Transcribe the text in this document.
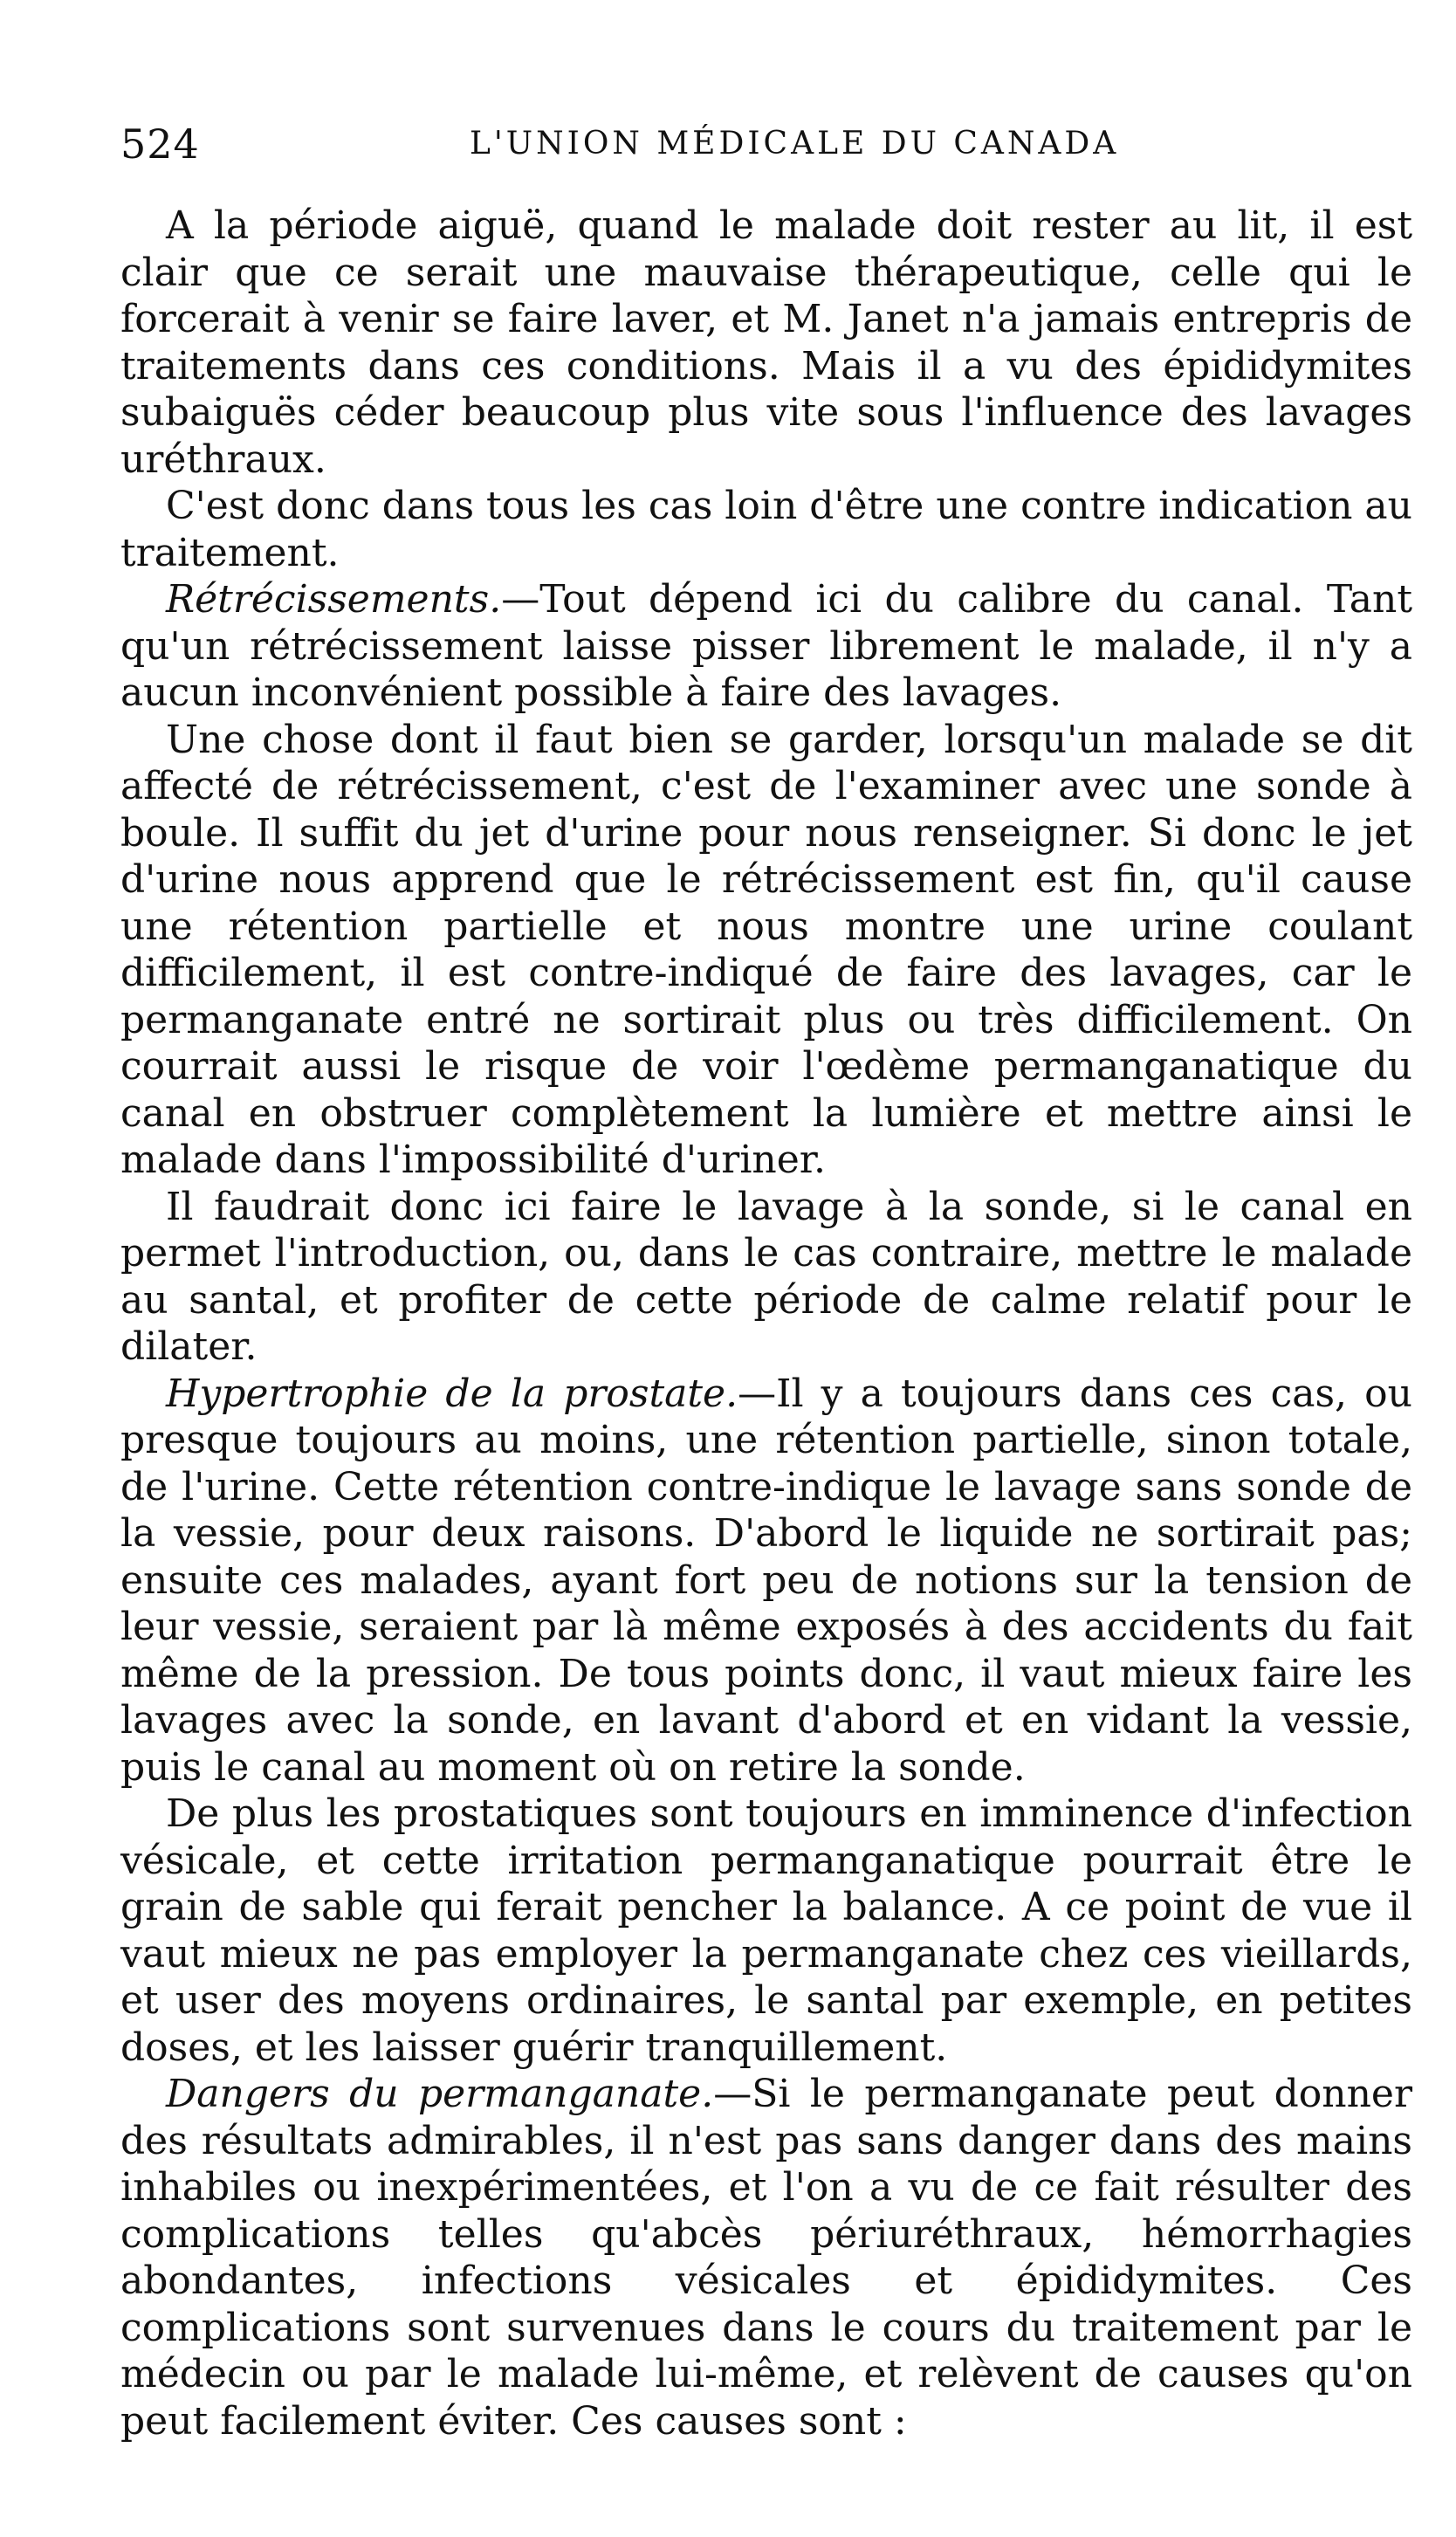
524	L'UNION MÉDICALE DU CANADA

A la période aiguë, quand le malade doit rester au lit, il est clair que ce serait une mauvaise thérapeutique, celle qui le forcerait à venir se faire laver, et M. Janet n'a jamais entrepris de traitements dans ces conditions. Mais il a vu des épididymites subaiguës céder beaucoup plus vite sous l'influence des lavages uréthraux.

C'est donc dans tous les cas loin d'être une contre indication au traitement.

Rétrécissements.—Tout dépend ici du calibre du canal. Tant qu'un rétrécissement laisse pisser librement le malade, il n'y a aucun inconvénient possible à faire des lavages.

Une chose dont il faut bien se garder, lorsqu'un malade se dit affecté de rétrécissement, c'est de l'examiner avec une sonde à boule. Il suffit du jet d'urine pour nous renseigner. Si donc le jet d'urine nous apprend que le rétrécissement est fin, qu'il cause une rétention partielle et nous montre une urine coulant difficilement, il est contre-indiqué de faire des lavages, car le permanganate entré ne sortirait plus ou très difficilement. On courrait aussi le risque de voir l'œdème permanganatique du canal en obstruer complètement la lumière et mettre ainsi le malade dans l'impossibilité d'uriner.

Il faudrait donc ici faire le lavage à la sonde, si le canal en permet l'introduction, ou, dans le cas contraire, mettre le malade au santal, et profiter de cette période de calme relatif pour le dilater.

Hypertrophie de la prostate.—Il y a toujours dans ces cas, ou presque toujours au moins, une rétention partielle, sinon totale, de l'urine. Cette rétention contre-indique le lavage sans sonde de la vessie, pour deux raisons. D'abord le liquide ne sortirait pas; ensuite ces malades, ayant fort peu de notions sur la tension de leur vessie, seraient par là même exposés à des accidents du fait même de la pression. De tous points donc, il vaut mieux faire les lavages avec la sonde, en lavant d'abord et en vidant la vessie, puis le canal au moment où on retire la sonde.

De plus les prostatiques sont toujours en imminence d'infection vésicale, et cette irritation permanganatique pourrait être le grain de sable qui ferait pencher la balance. A ce point de vue il vaut mieux ne pas employer la permanganate chez ces vieillards, et user des moyens ordinaires, le santal par exemple, en petites doses, et les laisser guérir tranquillement.

Dangers du permanganate.—Si le permanganate peut donner des résultats admirables, il n'est pas sans danger dans des mains inhabiles ou inexpérimentées, et l'on a vu de ce fait résulter des complications telles qu'abcès périuréthraux, hémorrhagies abondantes, infections vésicales et épididymites. Ces complications sont survenues dans le cours du traitement par le médecin ou par le malade lui-même, et relèvent de causes qu'on peut facilement éviter. Ces causes sont :
